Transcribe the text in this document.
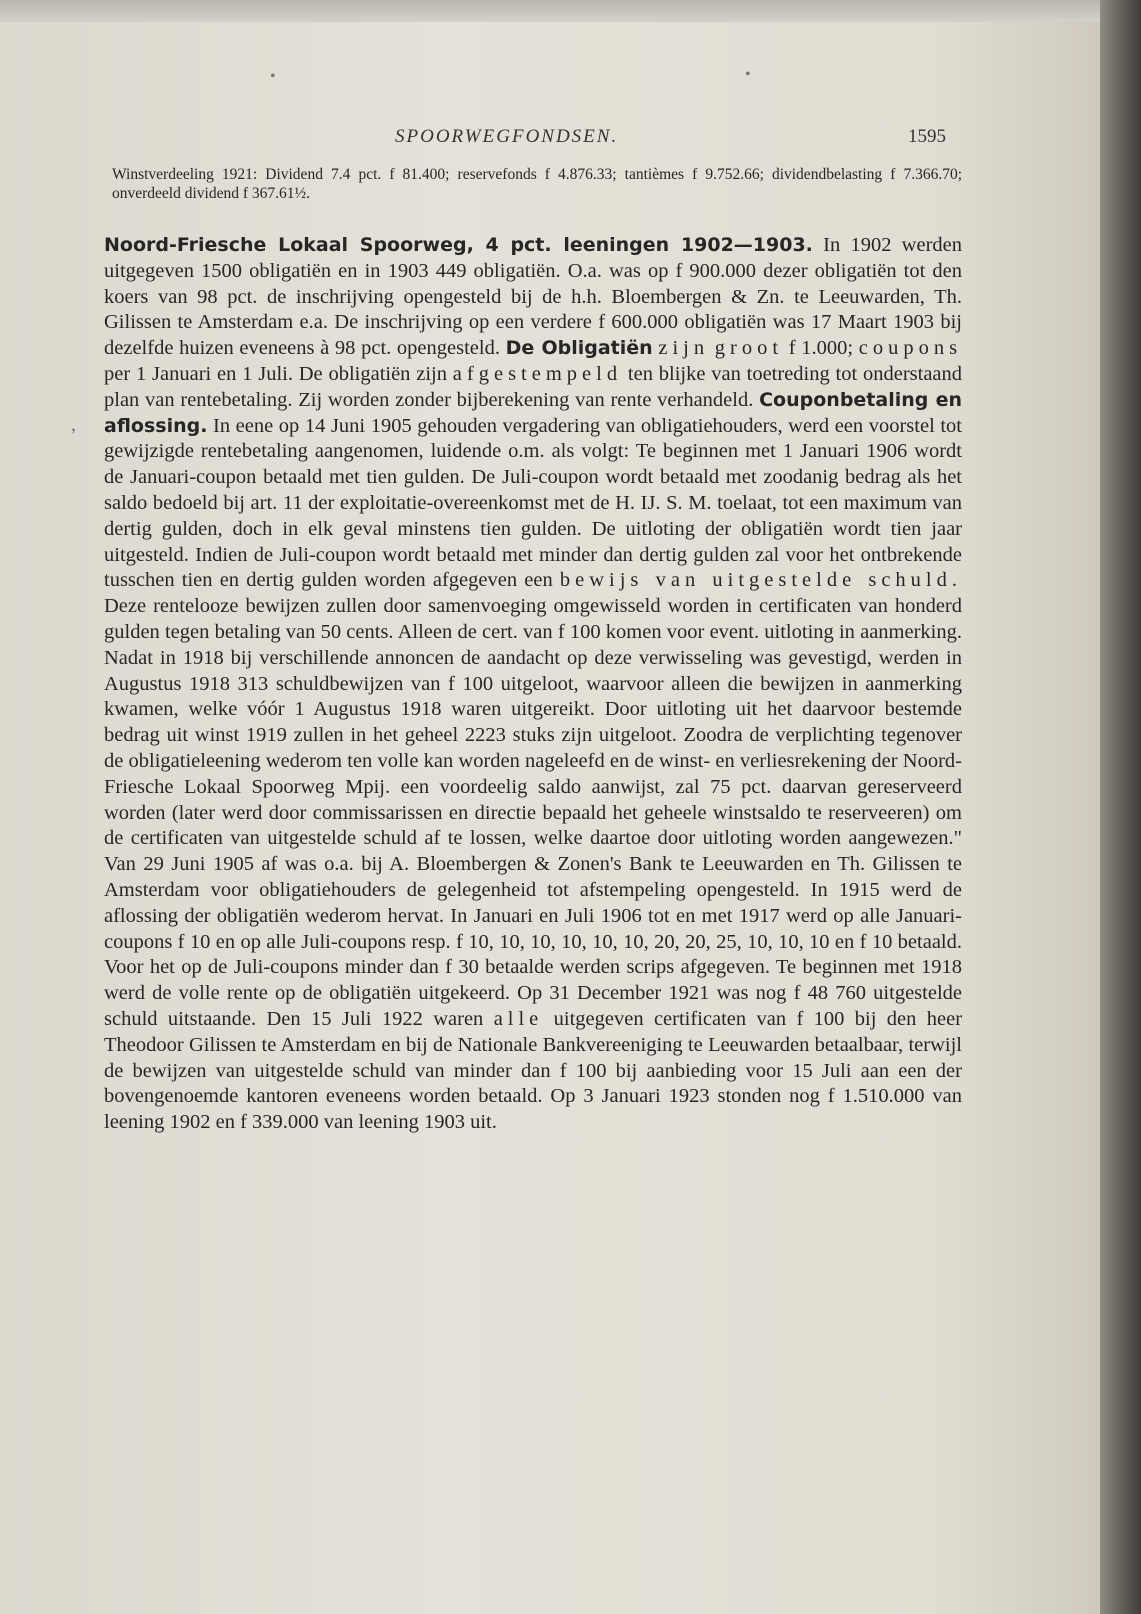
SPOORWEGFONDSEN.	1595

Winstverdeeling 1921: Dividend 7.4 pct. f 81.400; reservefonds f 4.876.33; tantièmes f 9.752.66; dividendbelasting f 7.366.70; onverdeeld dividend f 367.61½.

Noord-Friesche Lokaal Spoorweg, 4 pct. leeningen 1902—1903. In 1902 werden uitgegeven 1500 obligatiën en in 1903 449 obligatiën. O.a. was op f 900.000 dezer obligatiën tot den koers van 98 pct. de inschrijving opengesteld bij de h.h. Bloembergen & Zn. te Leeuwarden, Th. Gilissen te Amsterdam e.a. De inschrijving op een verdere f 600.000 obligatiën was 17 Maart 1903 bij dezelfde huizen eveneens à 98 pct. opengesteld. De Obligatiën zijn groot f 1.000; coupons per 1 Januari en 1 Juli. De obligatiën zijn afgestempeld ten blijke van toetreding tot onderstaand plan van rentebetaling. Zij worden zonder bijberekening van rente verhandeld. Couponbetaling en aflossing. In eene op 14 Juni 1905 gehouden vergadering van obligatiehouders, werd een voorstel tot gewijzigde rentebetaling aangenomen, luidende o.m. als volgt: Te beginnen met 1 Januari 1906 wordt de Januari-coupon betaald met tien gulden. De Juli-coupon wordt betaald met zoodanig bedrag als het saldo bedoeld bij art. 11 der exploitatie-overeenkomst met de H. IJ. S. M. toelaat, tot een maximum van dertig gulden, doch in elk geval minstens tien gulden. De uitloting der obligatiën wordt tien jaar uitgesteld. Indien de Juli-coupon wordt betaald met minder dan dertig gulden zal voor het ontbrekende tusschen tien en dertig gulden worden afgegeven een bewijs van uitgestelde schuld. Deze rentelooze bewijzen zullen door samenvoeging omgewisseld worden in certificaten van honderd gulden tegen betaling van 50 cents. Alleen de cert. van f 100 komen voor event. uitloting in aanmerking. Nadat in 1918 bij verschillende annoncen de aandacht op deze verwisseling was gevestigd, werden in Augustus 1918 313 schuldbewijzen van f 100 uitgeloot, waarvoor alleen die bewijzen in aanmerking kwamen, welke vóór 1 Augustus 1918 waren uitgereikt. Door uitloting uit het daarvoor bestemde bedrag uit winst 1919 zullen in het geheel 2223 stuks zijn uitgeloot. Zoodra de verplichting tegenover de obligatieleening wederom ten volle kan worden nageleefd en de winst- en verliesrekening der Noord-Friesche Lokaal Spoorweg Mpij. een voordeelig saldo aanwijst, zal 75 pct. daarvan gereserveerd worden (later werd door commissarissen en directie bepaald het geheele winstsaldo te reserveeren) om de certificaten van uitgestelde schuld af te lossen, welke daartoe door uitloting worden aangewezen." Van 29 Juni 1905 af was o.a. bij A. Bloembergen & Zonen's Bank te Leeuwarden en Th. Gilissen te Amsterdam voor obligatiehouders de gelegenheid tot afstempeling opengesteld. In 1915 werd de aflossing der obligatiën wederom hervat. In Januari en Juli 1906 tot en met 1917 werd op alle Januari-coupons f 10 en op alle Juli-coupons resp. f 10, 10, 10, 10, 10, 10, 20, 20, 25, 10, 10, 10 en f 10 betaald. Voor het op de Juli-coupons minder dan f 30 betaalde werden scrips afgegeven. Te beginnen met 1918 werd de volle rente op de obligatiën uitgekeerd. Op 31 December 1921 was nog f 48 760 uitgestelde schuld uitstaande. Den 15 Juli 1922 waren alle uitgegeven certificaten van f 100 bij den heer Theodoor Gilissen te Amsterdam en bij de Nationale Bankvereeniging te Leeuwarden betaalbaar, terwijl de bewijzen van uitgestelde schuld van minder dan f 100 bij aanbieding voor 15 Juli aan een der bovengenoemde kantoren eveneens worden betaald. Op 3 Januari 1923 stonden nog f 1.510.000 van leening 1902 en f 339.000 van leening 1903 uit.

•	•
ʼ
